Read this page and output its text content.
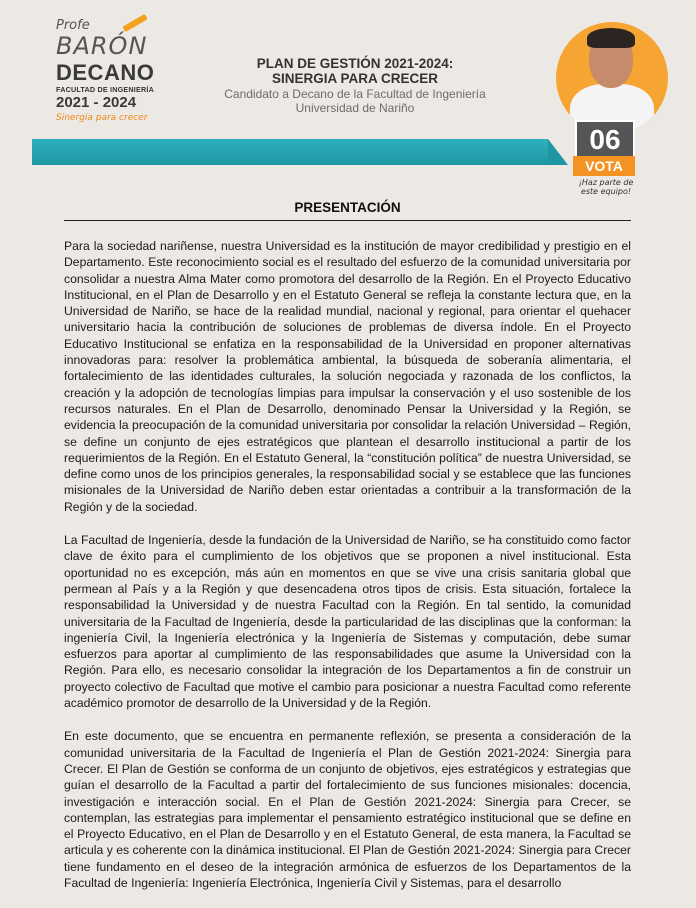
Profe
BARÓN
DECANO
FACULTAD DE INGENIERÍA
2021 - 2024
Sinergia para crecer
PLAN DE GESTIÓN 2021-2024:
SINERGIA PARA CRECER
Candidato a Decano de la Facultad de Ingeniería
Universidad de Nariño
06
VOTA
¡Haz parte de este equipo!
PRESENTACIÓN

Para la sociedad nariñense, nuestra Universidad es la institución de mayor credibilidad y prestigio en el Departamento. Este reconocimiento social es el resultado del esfuerzo de la comunidad universitaria por consolidar a nuestra Alma Mater como promotora del desarrollo de la Región. En el Proyecto Educativo Institucional, en el Plan de Desarrollo y en el Estatuto General se refleja la constante lectura que, en la Universidad de Nariño, se hace de la realidad mundial, nacional y regional, para orientar el quehacer universitario hacia la contribución de soluciones de problemas de diversa índole. En el Proyecto Educativo Institucional se enfatiza en la responsabilidad de la Universidad en proponer alternativas innovadoras para: resolver la problemática ambiental, la búsqueda de soberanía alimentaria, el fortalecimiento de las identidades culturales, la solución negociada y razonada de los conflictos, la creación y la adopción de tecnologías limpias para impulsar la conservación y el uso sostenible de los recursos naturales. En el Plan de Desarrollo, denominado Pensar la Universidad y la Región, se evidencia la preocupación de la comunidad universitaria por consolidar la relación Universidad – Región, se define un conjunto de ejes estratégicos que plantean el desarrollo institucional a partir de los requerimientos de la Región. En el Estatuto General, la “constitución política” de nuestra Universidad, se define como unos de los principios generales, la responsabilidad social y se establece que las funciones misionales de la Universidad de Nariño deben estar orientadas a contribuir a la transformación de la Región y de la sociedad.

La Facultad de Ingeniería, desde la fundación de la Universidad de Nariño, se ha constituido como factor clave de éxito para el cumplimiento de los objetivos que se proponen a nivel institucional. Esta oportunidad no es excepción, más aún en momentos en que se vive una crisis sanitaria global que permean al País y a la Región y que desencadena otros tipos de crisis. Esta situación, fortalece la responsabilidad la Universidad y de nuestra Facultad con la Región. En tal sentido, la comunidad universitaria de la Facultad de Ingeniería, desde la particularidad de las disciplinas que la conforman: la ingeniería Civil, la Ingeniería electrónica y la Ingeniería de Sistemas y computación, debe sumar esfuerzos para aportar al cumplimiento de las responsabilidades que asume la Universidad con la Región. Para ello, es necesario consolidar la integración de los Departamentos a fin de construir un proyecto colectivo de Facultad que motive el cambio para posicionar a nuestra Facultad como referente académico promotor de desarrollo de la Universidad y de la Región.

En este documento, que se encuentra en permanente reflexión, se presenta a consideración de la comunidad universitaria de la Facultad de Ingeniería el Plan de Gestión 2021-2024: Sinergia para Crecer. El Plan de Gestión se conforma de un conjunto de objetivos, ejes estratégicos y estrategias que guían el desarrollo de la Facultad a partir del fortalecimiento de sus funciones misionales: docencia, investigación e interacción social. En el Plan de Gestión 2021-2024: Sinergia para Crecer, se contemplan, las estrategias para implementar el pensamiento estratégico institucional que se define en el Proyecto Educativo, en el Plan de Desarrollo y en el Estatuto General, de esta manera, la Facultad se articula y es coherente con la dinámica institucional. El Plan de Gestión 2021-2024: Sinergia para Crecer tiene fundamento en el deseo de la integración armónica de esfuerzos de los Departamentos de la Facultad de Ingeniería: Ingeniería Electrónica, Ingeniería Civil y Sistemas, para el desarrollo
